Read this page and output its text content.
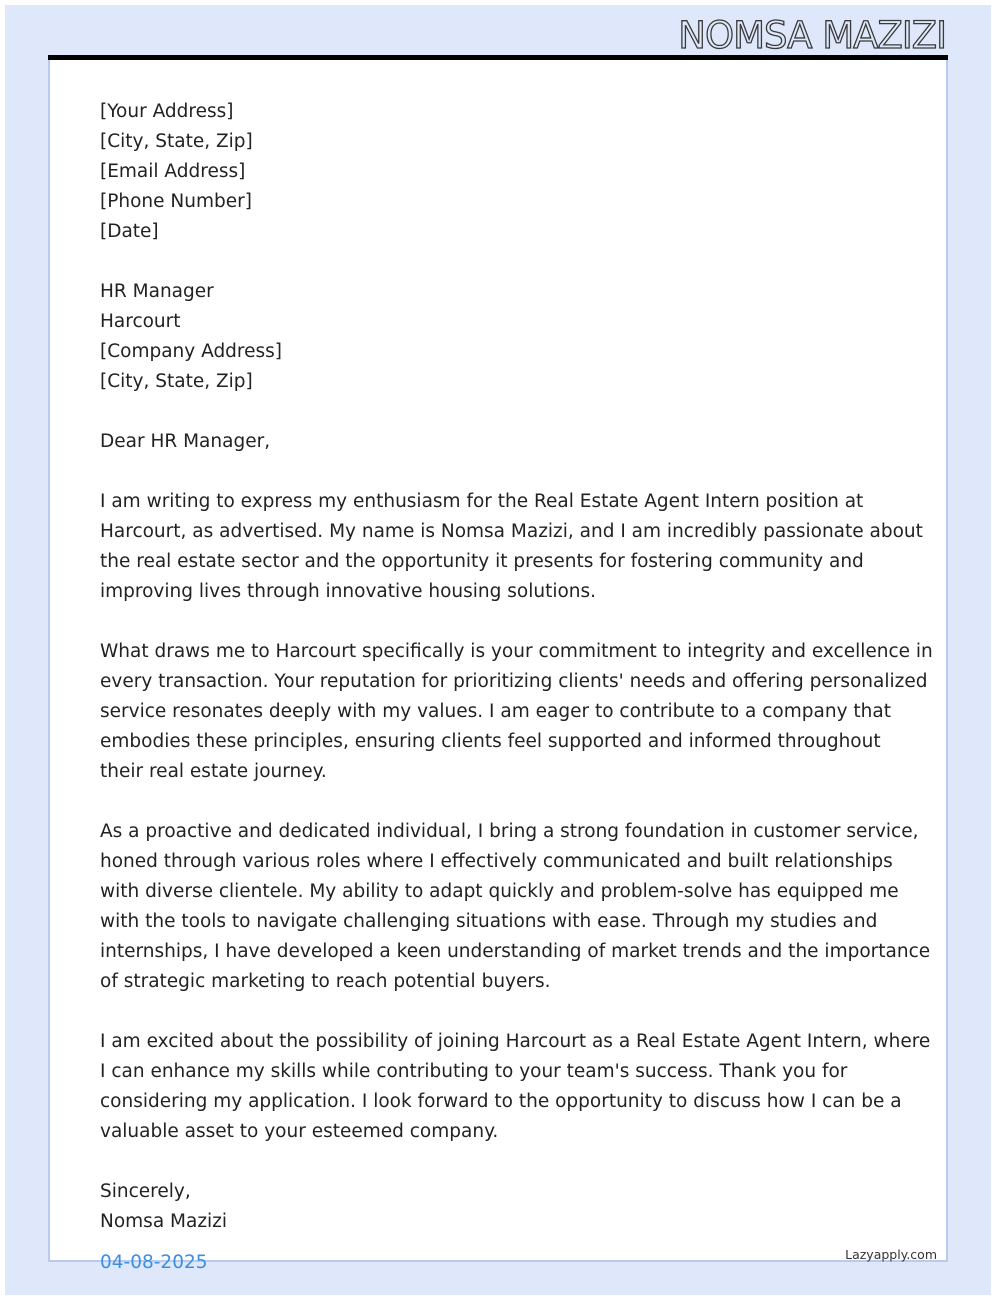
NOMSA MAZIZI
[Your Address]
[City, State, Zip]
[Email Address]
[Phone Number]
[Date]
HR Manager
Harcourt
[Company Address]
[City, State, Zip]
Dear HR Manager,
I am writing to express my enthusiasm for the Real Estate Agent Intern position at
Harcourt, as advertised. My name is Nomsa Mazizi, and I am incredibly passionate about
the real estate sector and the opportunity it presents for fostering community and
improving lives through innovative housing solutions.
What draws me to Harcourt specifically is your commitment to integrity and excellence in
every transaction. Your reputation for prioritizing clients' needs and offering personalized
service resonates deeply with my values. I am eager to contribute to a company that
embodies these principles, ensuring clients feel supported and informed throughout
their real estate journey.
As a proactive and dedicated individual, I bring a strong foundation in customer service,
honed through various roles where I effectively communicated and built relationships
with diverse clientele. My ability to adapt quickly and problem-solve has equipped me
with the tools to navigate challenging situations with ease. Through my studies and
internships, I have developed a keen understanding of market trends and the importance
of strategic marketing to reach potential buyers.
I am excited about the possibility of joining Harcourt as a Real Estate Agent Intern, where
I can enhance my skills while contributing to your team's success. Thank you for
considering my application. I look forward to the opportunity to discuss how I can be a
valuable asset to your esteemed company.
Sincerely,
Nomsa Mazizi
04-08-2025	Lazyapply.com
